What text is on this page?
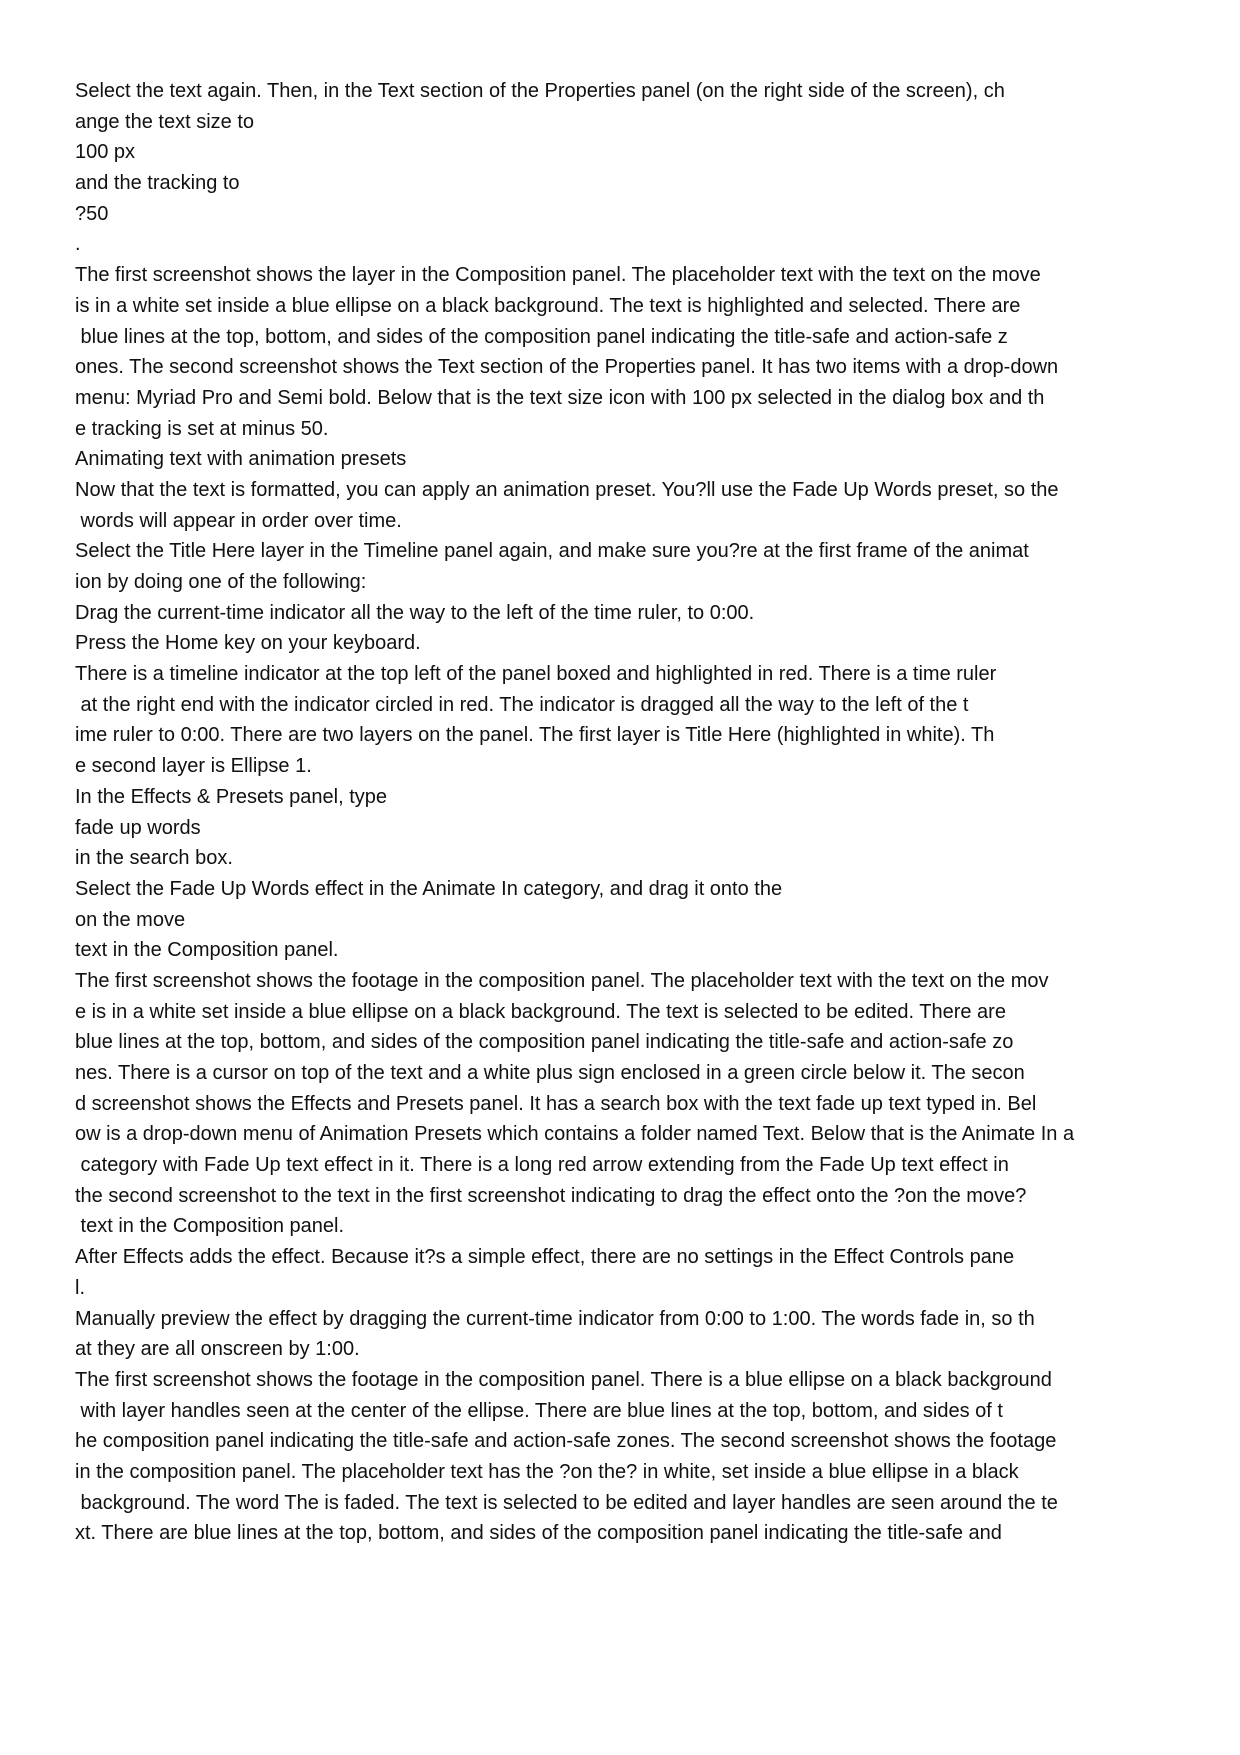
Select the text again. Then, in the Text section of the Properties panel (on the right side of the screen), ch
ange the text size to
100 px
and the tracking to
?50
.
The first screenshot shows the layer in the Composition panel. The placeholder text with the text on the move
is in a white set inside a blue ellipse on a black background. The text is highlighted and selected. There are
blue lines at the top, bottom, and sides of the composition panel indicating the title-safe and action-safe z
ones. The second screenshot shows the Text section of the Properties panel. It has two items with a drop-down
menu: Myriad Pro and Semi bold. Below that is the text size icon with 100 px selected in the dialog box and th
e tracking is set at minus 50.
Animating text with animation presets
Now that the text is formatted, you can apply an animation preset. You?ll use the Fade Up Words preset, so the
words will appear in order over time.
Select the Title Here layer in the Timeline panel again, and make sure you?re at the first frame of the animat
ion by doing one of the following:
Drag the current-time indicator all the way to the left of the time ruler, to 0:00.
Press the Home key on your keyboard.
There is a timeline indicator at the top left of the panel boxed and highlighted in red. There is a time ruler
at the right end with the indicator circled in red. The indicator is dragged all the way to the left of the t
ime ruler to 0:00. There are two layers on the panel. The first layer is Title Here (highlighted in white). Th
e second layer is Ellipse 1.
In the Effects & Presets panel, type
fade up words
in the search box.
Select the Fade Up Words effect in the Animate In category, and drag it onto the
on the move
text in the Composition panel.
The first screenshot shows the footage in the composition panel. The placeholder text with the text on the mov
e is in a white set inside a blue ellipse on a black background. The text is selected to be edited. There are
blue lines at the top, bottom, and sides of the composition panel indicating the title-safe and action-safe zo
nes. There is a cursor on top of the text and a white plus sign enclosed in a green circle below it. The secon
d screenshot shows the Effects and Presets panel. It has a search box with the text fade up text typed in. Bel
ow is a drop-down menu of Animation Presets which contains a folder named Text. Below that is the Animate In a
category with Fade Up text effect in it. There is a long red arrow extending from the Fade Up text effect in
the second screenshot to the text in the first screenshot indicating to drag the effect onto the ?on the move?
text in the Composition panel.
After Effects adds the effect. Because it?s a simple effect, there are no settings in the Effect Controls pane
l.
Manually preview the effect by dragging the current-time indicator from 0:00 to 1:00. The words fade in, so th
at they are all onscreen by 1:00.
The first screenshot shows the footage in the composition panel. There is a blue ellipse on a black background
with layer handles seen at the center of the ellipse. There are blue lines at the top, bottom, and sides of t
he composition panel indicating the title-safe and action-safe zones. The second screenshot shows the footage
in the composition panel. The placeholder text has the ?on the? in white, set inside a blue ellipse in a black
background. The word The is faded. The text is selected to be edited and layer handles are seen around the te
xt. There are blue lines at the top, bottom, and sides of the composition panel indicating the title-safe and
